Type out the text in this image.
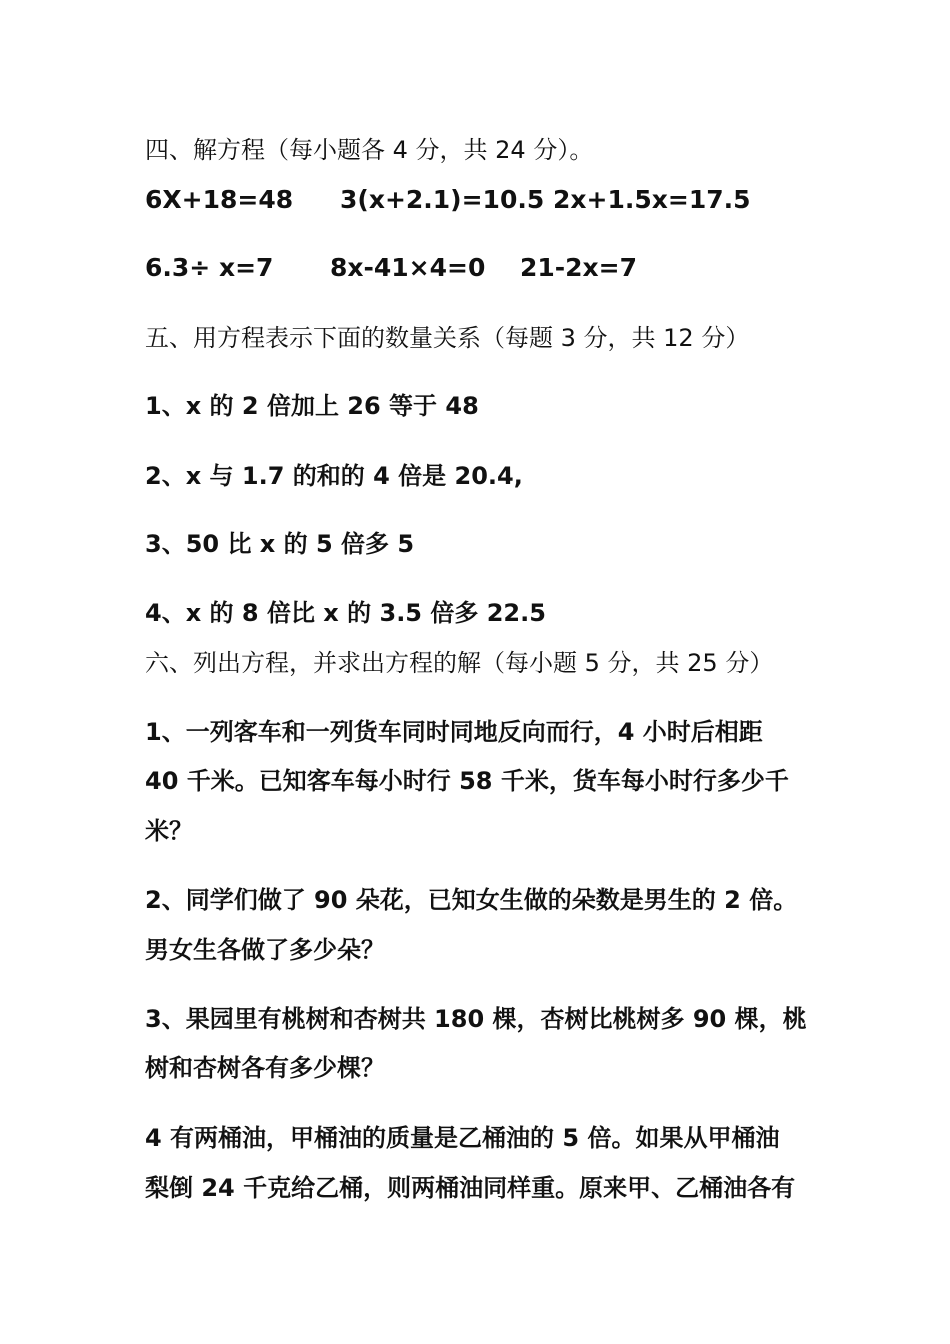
四、解方程（每小题各 4 分，共 24 分）。
6X+18=48 3(x+2.1)=10.5 2x+1.5x=17.5
6.3÷ x=7 8x-41×4=0 21-2x=7
五、用方程表示下面的数量关系（每题 3 分，共 12 分）
1、x 的 2 倍加上 26 等于 48
2、x 与 1.7 的和的 4 倍是 20.4,
3、50 比 x 的 5 倍多 5
4、x 的 8 倍比 x 的 3.5 倍多 22.5
六、列出方程，并求出方程的解（每小题 5 分，共 25 分）
1、一列客车和一列货车同时同地反向而行，4 小时后相距
40 千米。已知客车每小时行 58 千米，货车每小时行多少千
米？
2、同学们做了 90 朵花，已知女生做的朵数是男生的 2 倍。
男女生各做了多少朵？
3、果园里有桃树和杏树共 180 棵，杏树比桃树多 90 棵，桃
树和杏树各有多少棵？
4 有两桶油，甲桶油的质量是乙桶油的 5 倍。如果从甲桶油
梨倒 24 千克给乙桶，则两桶油同样重。原来甲、乙桶油各有
